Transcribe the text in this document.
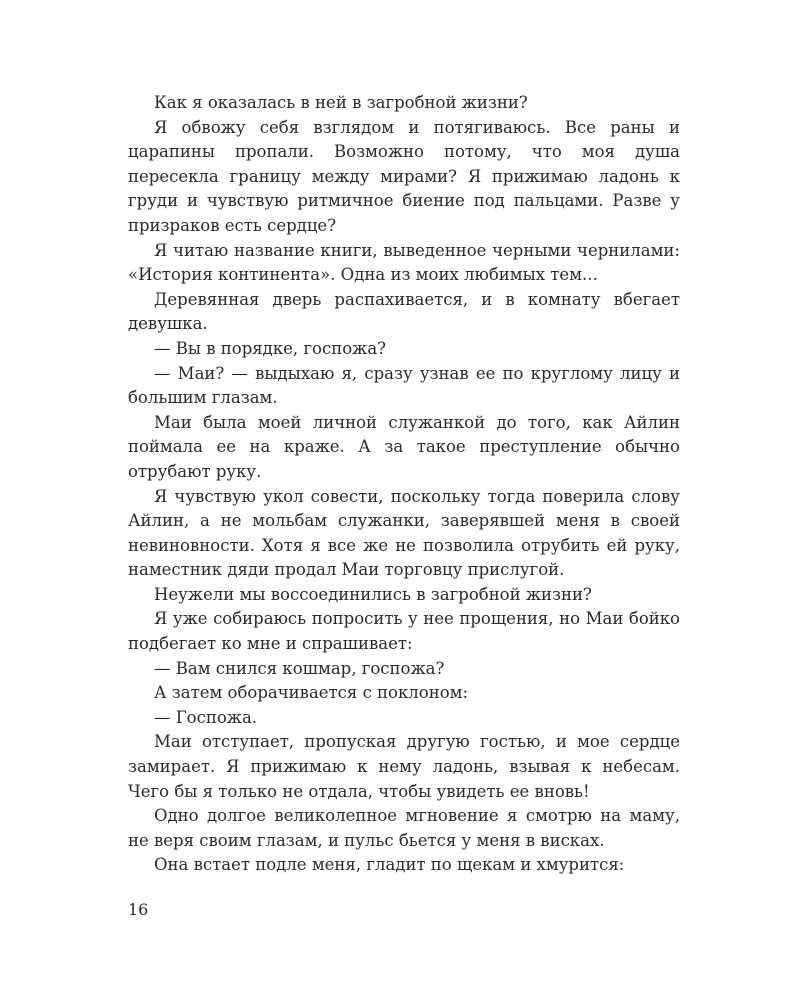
Как я оказалась в ней в загробной жизни?

Я обвожу себя взглядом и потягиваюсь. Все раны и царапины пропали. Возможно потому, что моя душа пересекла границу между мирами? Я прижимаю ладонь к груди и чувствую ритмичное биение под пальцами. Разве у призраков есть сердце?

Я читаю название книги, выведенное черными чернилами: «История континента». Одна из моих любимых тем...

Деревянная дверь распахивается, и в комнату вбегает девушка.

— Вы в порядке, госпожа?

— Маи? — выдыхаю я, сразу узнав ее по круглому лицу и большим глазам.

Маи была моей личной служанкой до того, как Айлин поймала ее на краже. А за такое преступление обычно отрубают руку.

Я чувствую укол совести, поскольку тогда поверила слову Айлин, а не мольбам служанки, заверявшей меня в своей невиновности. Хотя я все же не позволила отрубить ей руку, наместник дяди продал Маи торговцу прислугой.

Неужели мы воссоединились в загробной жизни?

Я уже собираюсь попросить у нее прощения, но Маи бойко подбегает ко мне и спрашивает:

— Вам снился кошмар, госпожа?

А затем оборачивается с поклоном:

— Госпожа.

Маи отступает, пропуская другую гостью, и мое сердце замирает. Я прижимаю к нему ладонь, взывая к небесам. Чего бы я только не отдала, чтобы увидеть ее вновь!

Одно долгое великолепное мгновение я смотрю на маму, не веря своим глазам, и пульс бьется у меня в висках.

Она встает подле меня, гладит по щекам и хмурится:

16
